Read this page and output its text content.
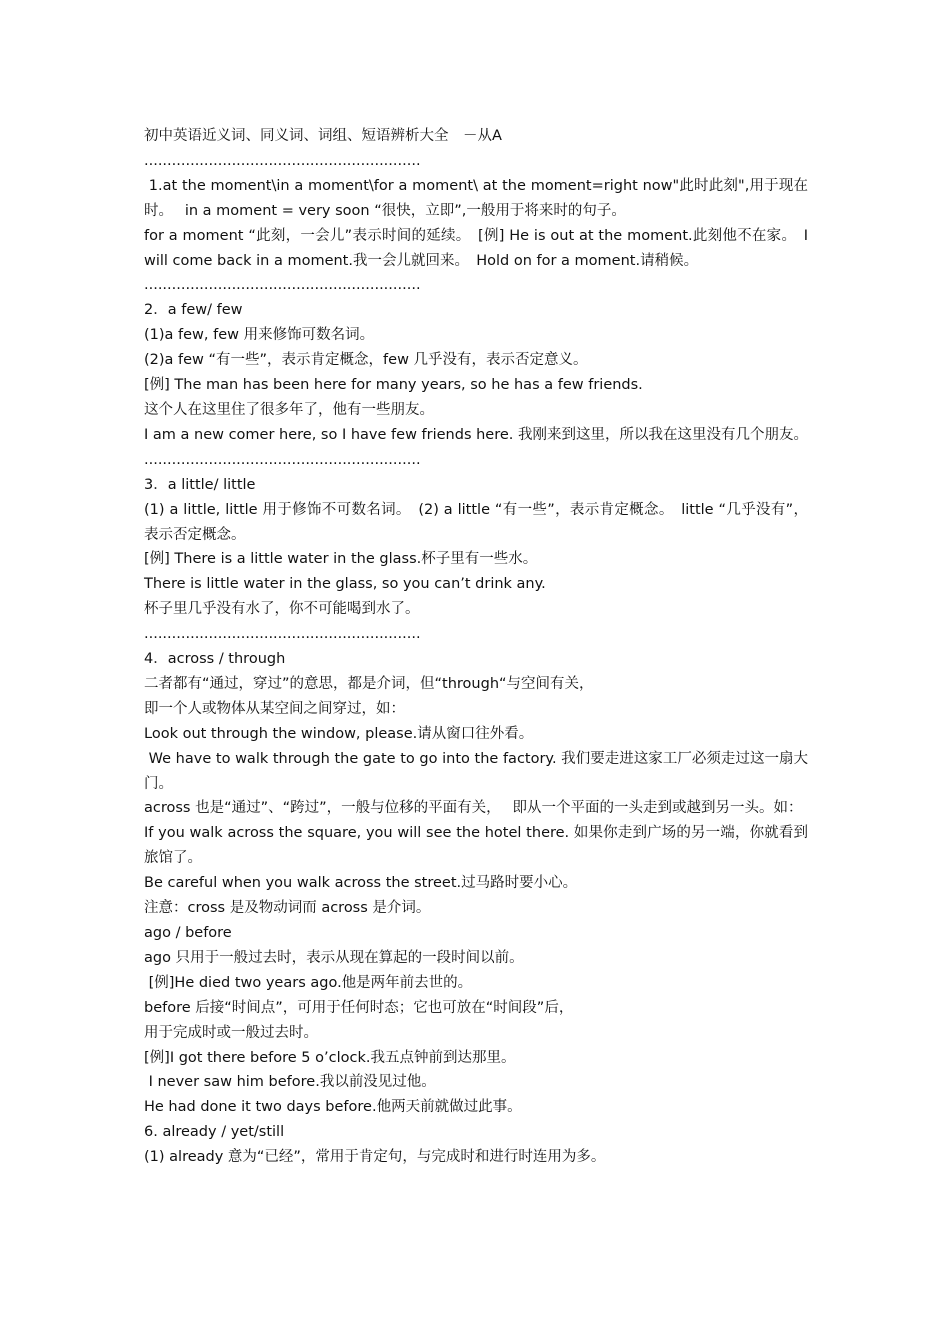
初中英语近义词、同义词、词组、短语辨析大全　－从A
............................................................
1.at the moment\in a moment\for a moment\ at the moment=right now"此时此刻",用于现在时。　 in a moment = very soon “很快，立即”,一般用于将来时的句子。
for a moment “此刻，一会儿”表示时间的延续。　[例] He is out at the moment.此刻他不在家。　I will come back in a moment.我一会儿就回来。　Hold on for a moment.请稍候。
............................................................
2．a few/ few
(1)a few, few 用来修饰可数名词。
(2)a few “有一些”，表示肯定概念，few 几乎没有，表示否定意义。
[例] The man has been here for many years, so he has a few friends.
这个人在这里住了很多年了，他有一些朋友。
I am a new comer here, so I have few friends here. 我刚来到这里，所以我在这里没有几个朋友。
............................................................
3．a little/ little
(1) a little, little 用于修饰不可数名词。　(2) a little “有一些”，表示肯定概念。　little “几乎没有”，表示否定概念。
[例] There is a little water in the glass.杯子里有一些水。
There is little water in the glass, so you can’t drink any.
杯子里几乎没有水了，你不可能喝到水了。
............................................................
4．across / through
二者都有“通过，穿过”的意思，都是介词，但“through“与空间有关，
即一个人或物体从某空间之间穿过，如：
Look out through the window, please.请从窗口往外看。
We have to walk through the gate to go into the factory. 我们要走进这家工厂必须走过这一扇大门。
across 也是“通过”、“跨过”，一般与位移的平面有关，　 即从一个平面的一头走到或越到另一头。如：
If you walk across the square, you will see the hotel there. 如果你走到广场的另一端，你就看到旅馆了。
Be careful when you walk across the street.过马路时要小心。
注意：cross 是及物动词而 across 是介词。
ago / before
ago 只用于一般过去时，表示从现在算起的一段时间以前。
[例]He died two years ago.他是两年前去世的。
before 后接“时间点”，可用于任何时态；它也可放在“时间段”后，
用于完成时或一般过去时。
[例]I got there before 5 o’clock.我五点钟前到达那里。
I never saw him before.我以前没见过他。
He had done it two days before.他两天前就做过此事。
6. already / yet/still
(1) already 意为“已经”，常用于肯定句，与完成时和进行时连用为多。
